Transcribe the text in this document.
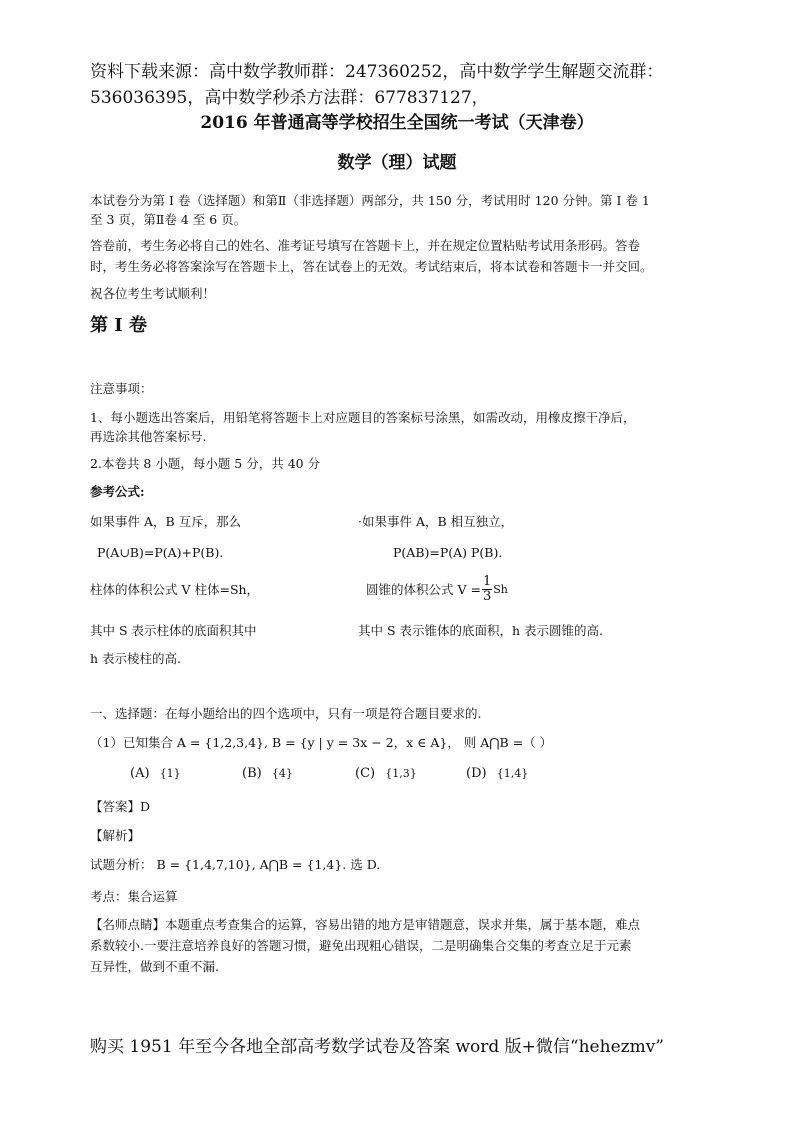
资料下载来源：高中数学教师群：247360252，高中数学学生解题交流群：
536036395，高中数学秒杀方法群：677837127，
2016 年普通高等学校招生全国统一考试（天津卷）
数学（理）试题
本试卷分为第 I 卷（选择题）和第Ⅱ（非选择题）两部分，共 150 分，考试用时 120 分钟。第 I 卷 1
至 3 页，第Ⅱ卷 4 至 6 页。
答卷前，考生务必将自己的姓名、准考证号填写在答题卡上，并在规定位置粘贴考试用条形码。答卷
时，考生务必将答案涂写在答题卡上，答在试卷上的无效。考试结束后，将本试卷和答题卡一并交回。
祝各位考生考试顺利！
第 I 卷
注意事项：
1、每小题选出答案后，用铅笔将答题卡上对应题目的答案标号涂黑，如需改动，用橡皮擦干净后，
再选涂其他答案标号.
2.本卷共 8 小题，每小题 5 分，共 40 分
参考公式:
如果事件 A，B 互斥，那么	·如果事件 A，B 相互独立，
P(A∪B)=P(A)+P(B).	P(AB)=P(A) P(B).
柱体的体积公式 V 柱体=Sh，	圆锥的体积公式 $V = \frac{1}{3}$ Sh
其中 S 表示柱体的底面积其中	其中 S 表示锥体的底面积，h 表示圆锥的高.
h 表示棱柱的高.
一、选择题：在每小题给出的四个选项中，只有一项是符合题目要求的.
（1）已知集合 A = {1,2,3,4}, B = {y | y = 3x − 2，x ∈ A}， 则 A⋂B =（ ）
(A) {1}	(B) {4}	(C) {1,3}	(D) {1,4}
【答案】D
【解析】
试题分析： B = {1,4,7,10}, A⋂B = {1,4}. 选 D.
考点：集合运算
【名师点睛】本题重点考查集合的运算，容易出错的地方是审错题意，误求并集，属于基本题，难点
系数较小.一要注意培养良好的答题习惯，避免出现粗心错误，二是明确集合交集的考查立足于元素
互异性，做到不重不漏.
购买 1951 年至今各地全部高考数学试卷及答案 word 版+微信“hehezmv”
